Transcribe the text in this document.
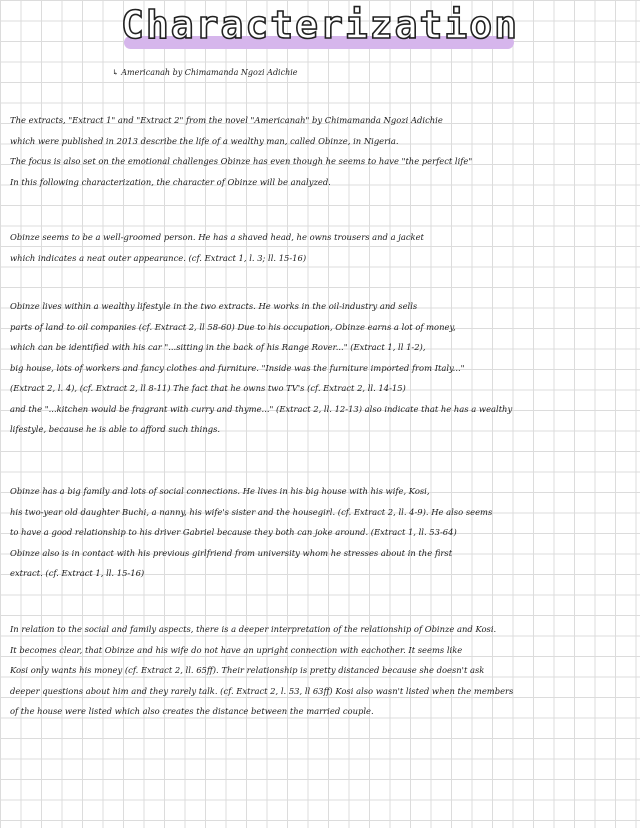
Characterization
↳ Americanah by Chimamanda Ngozi Adichie
The extracts, "Extract 1" and "Extract 2" from the novel "Americanah" by Chimamanda Ngozi Adichie
which were published in 2013 describe the life of a wealthy man, called Obinze, in Nigeria.
The focus is also set on the emotional challenges Obinze has even though he seems to have "the perfect life"
In this following characterization, the character of Obinze will be analyzed.
Obinze seems to be a well-groomed person. He has a shaved head, he owns trousers and a jacket
which indicates a neat outer appearance. (cf. Extract 1, l. 3; ll. 15-16)
Obinze lives within a wealthy lifestyle in the two extracts. He works in the oil-industry and sells
parts of land to oil companies (cf. Extract 2, ll 58-60) Due to his occupation, Obinze earns a lot of money,
which can be identified with his car "...sitting in the back of his Range Rover..." (Extract 1, ll 1-2),
big house, lots of workers and fancy clothes and furniture. "Inside was the furniture imported from Italy..."
(Extract 2, l. 4), (cf. Extract 2, ll 8-11) The fact that he owns two TV's (cf. Extract 2, ll. 14-15)
and the "...kitchen would be fragrant with curry and thyme..." (Extract 2, ll. 12-13) also indicate that he has a wealthy
lifestyle, because he is able to afford such things.
Obinze has a big family and lots of social connections. He lives in his big house with his wife, Kosi,
his two-year old daughter Buchi, a nanny, his wife's sister and the housegirl. (cf. Extract 2, ll. 4-9). He also seems
to have a good relationship to his driver Gabriel because they both can joke around. (Extract 1, ll. 53-64)
Obinze also is in contact with his previous girlfriend from university whom he stresses about in the first
extract. (cf. Extract 1, ll. 15-16)
In relation to the social and family aspects, there is a deeper interpretation of the relationship of Obinze and Kosi.
It becomes clear, that Obinze and his wife do not have an upright connection with eachother. It seems like
Kosi only wants his money (cf. Extract 2, ll. 65ff). Their relationship is pretty distanced because she doesn't ask
deeper questions about him and they rarely talk. (cf. Extract 2, l. 53, ll 63ff) Kosi also wasn't listed when the members
of the house were listed which also creates the distance between the married couple.
